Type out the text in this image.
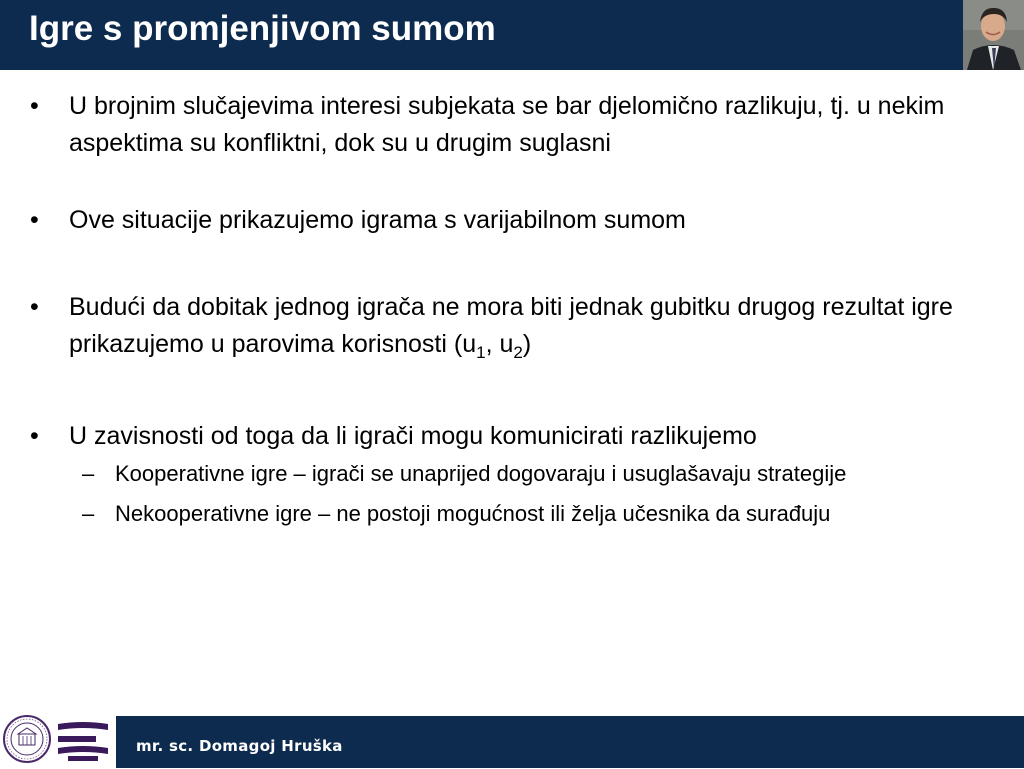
Igre s promjenjivom sumom
• U brojnim slučajevima interesi subjekata se bar djelomično razlikuju, tj. u nekim aspektima su konfliktni, dok su u drugim suglasni
• Ove situacije prikazujemo igrama s varijabilnom sumom
• Budući da dobitak jednog igrača ne mora biti jednak gubitku drugog rezultat igre prikazujemo u parovima korisnosti ($u_1$, $u_2$)
• U zavisnosti od toga da li igrači mogu komunicirati razlikujemo
– Kooperativne igre – igrači se unaprijed dogovaraju i usuglašavaju strategije
– Nekooperativne igre – ne postoji mogućnost ili želja učesnika da surađuju
mr. sc. Domagoj Hruška
